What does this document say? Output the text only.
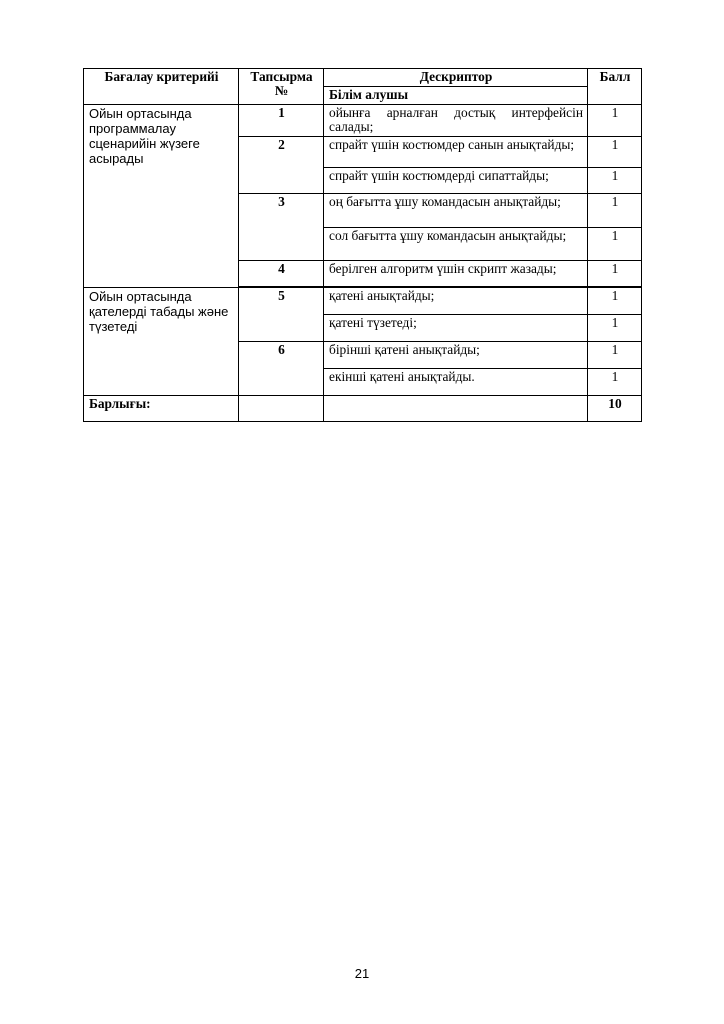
Бағалау критерийі	Тапсырма №	Дескриптор	Балл
		Білім алушы	
Ойын ортасында программалау сценарийін жүзеге асырады	1	ойынға арналған достық интерфейсін салады;	1
	2	спрайт үшін костюмдер санын анықтайды;	1
		спрайт үшін костюмдерді сипаттайды;	1
	3	оң бағытта ұшу командасын анықтайды;	1
		сол бағытта ұшу командасын анықтайды;	1
	4	берілген алгоритм үшін скрипт жазады;	1

Ойын ортасында қателерді табады және түзетеді	5	қатені анықтайды;	1
		қатені түзетеді;	1
	6	бірінші қатені анықтайды;	1
		екінші қатені анықтайды.	1
Барлығы:			10
21
